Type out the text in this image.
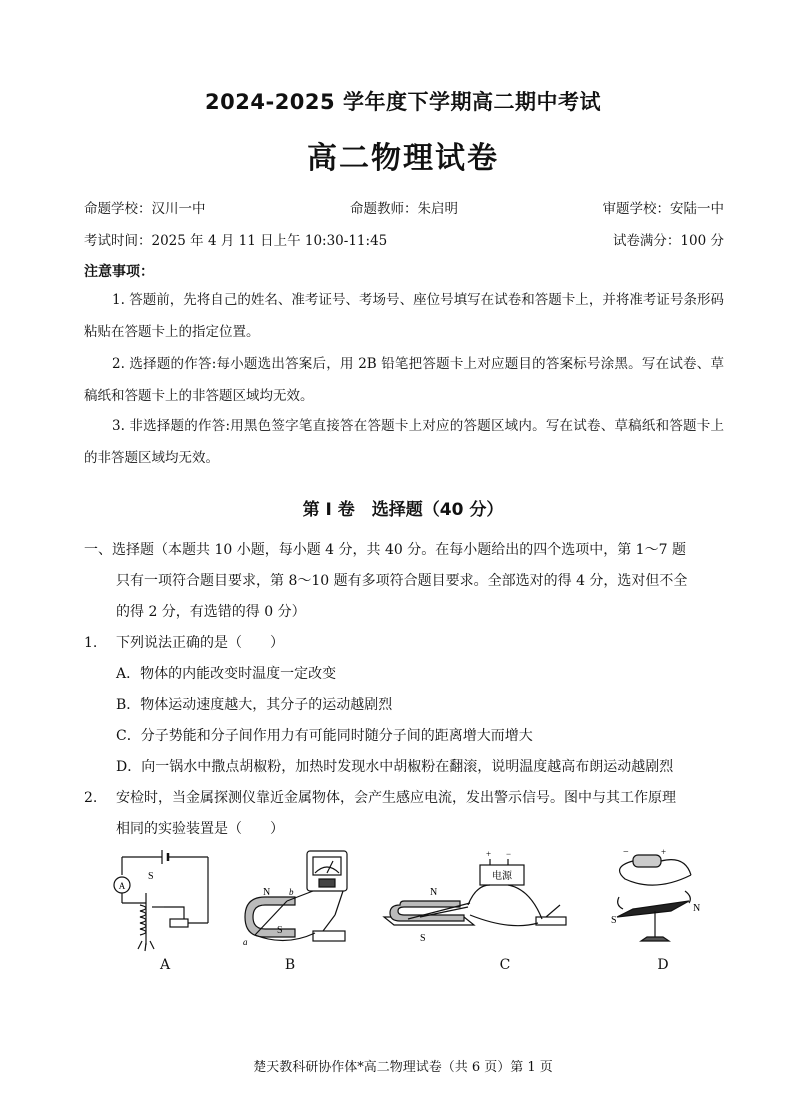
2024-2025 学年度下学期高二期中考试
高二物理试卷
命题学校：汉川一中	命题教师：朱启明	审题学校：安陆一中
考试时间：2025 年 4 月 11 日上午 10:30-11:45	试卷满分：100 分
注意事项：

1. 答题前，先将自己的姓名、准考证号、考场号、座位号填写在试卷和答题卡上，并将准考证号条形码粘贴在答题卡上的指定位置。

2. 选择题的作答:每小题选出答案后，用 2B 铅笔把答题卡上对应题目的答案标号涂黑。写在试卷、草稿纸和答题卡上的非答题区域均无效。

3. 非选择题的作答:用黑色签字笔直接答在答题卡上对应的答题区域内。写在试卷、草稿纸和答题卡上的非答题区域均无效。

第 I 卷　选择题（40 分）
一、选择题（本题共 10 小题，每小题 4 分，共 40 分。在每小题给出的四个选项中，第 1～7 题
只有一项符合题目要求，第 8～10 题有多项符合题目要求。全部选对的得 4 分，选对但不全
的得 2 分，有选错的得 0 分）
1. 下列说法正确的是（　　）
A．物体的内能改变时温度一定改变
B．物体运动速度越大，其分子的运动越剧烈
C．分子势能和分子间作用力有可能同时随分子间的距离增大而增大
D．向一锅水中撒点胡椒粉，加热时发现水中胡椒粉在翻滚，说明温度越高布朗运动越剧烈
2. 安检时，当金属探测仪靠近金属物体，会产生感应电流，发出警示信号。图中与其工作原理
相同的实验装置是（　　）
A
S
N
S
a
b
电源
+ −
N
S
−	+
N
S
A	B	C	D
楚天教科研协作体*高二物理试卷（共 6 页）第 1 页
